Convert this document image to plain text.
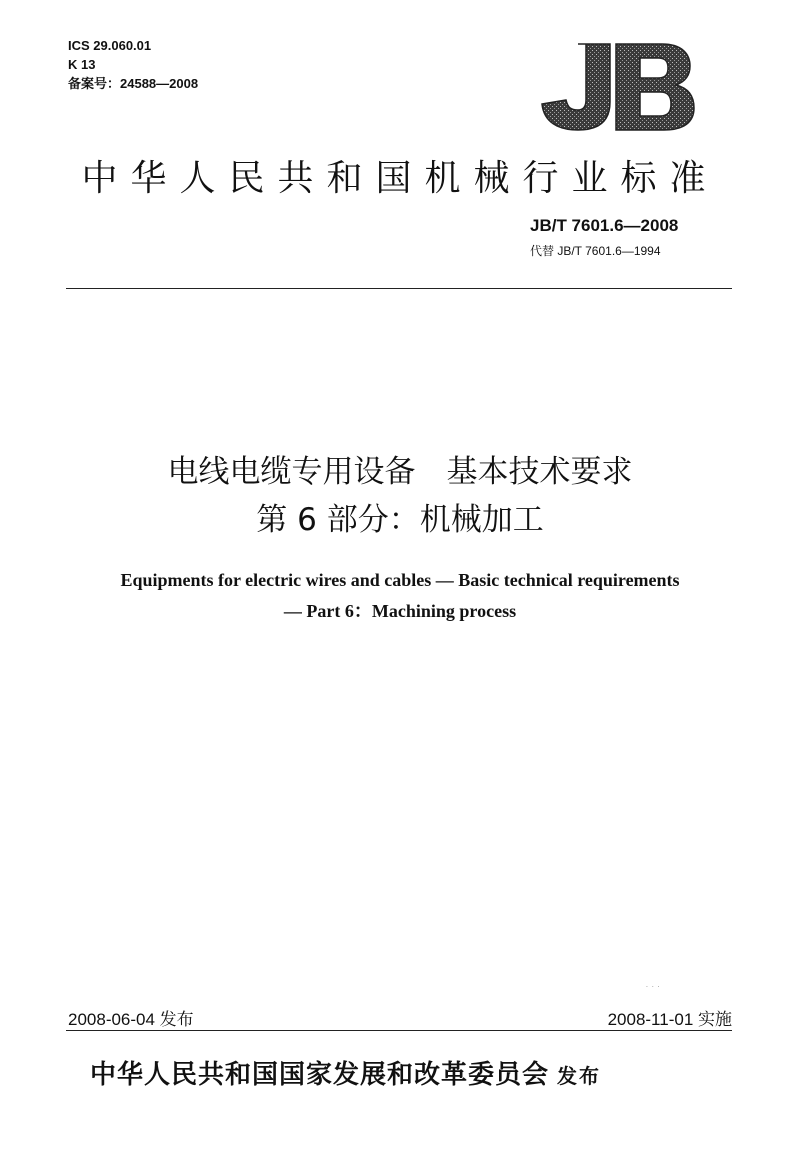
ICS 29.060.01
K 13
备案号：24588—2008
中华人民共和国机械行业标准
JB/T 7601.6—2008
代替 JB/T 7601.6—1994
电线电缆专用设备　基本技术要求
第 6 部分：机械加工
Equipments for electric wires and cables — Basic technical requirements
— Part 6：Machining process
· · ·
2008-06-04 发布	2008-11-01 实施
中华人民共和国国家发展和改革委员会 发布
